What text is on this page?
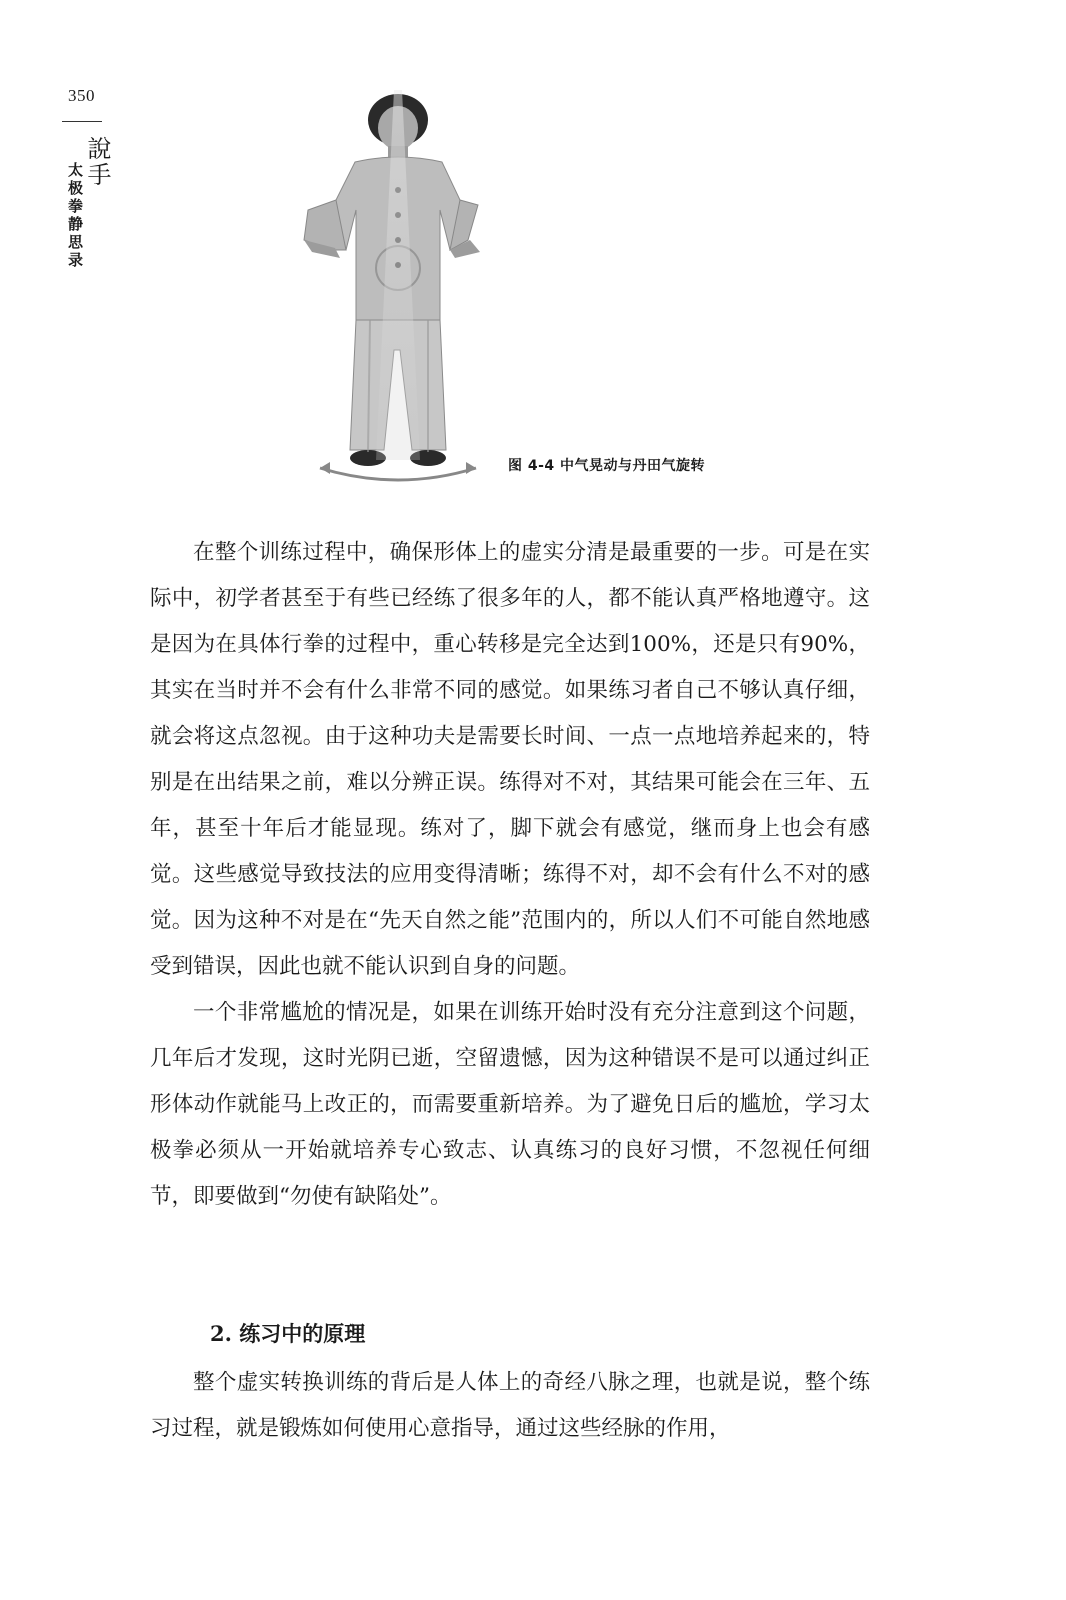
350
說手
太极拳静思录
图 4-4 中气晃动与丹田气旋转

在整个训练过程中，确保形体上的虚实分清是最重要的一步。可是在实际中，初学者甚至于有些已经练了很多年的人，都不能认真严格地遵守。这是因为在具体行拳的过程中，重心转移是完全达到100%，还是只有90%，其实在当时并不会有什么非常不同的感觉。如果练习者自己不够认真仔细，就会将这点忽视。由于这种功夫是需要长时间、一点一点地培养起来的，特别是在出结果之前，难以分辨正误。练得对不对，其结果可能会在三年、五年，甚至十年后才能显现。练对了，脚下就会有感觉，继而身上也会有感觉。这些感觉导致技法的应用变得清晰；练得不对，却不会有什么不对的感觉。因为这种不对是在“先天自然之能”范围内的，所以人们不可能自然地感受到错误，因此也就不能认识到自身的问题。

一个非常尴尬的情况是，如果在训练开始时没有充分注意到这个问题，几年后才发现，这时光阴已逝，空留遗憾，因为这种错误不是可以通过纠正形体动作就能马上改正的，而需要重新培养。为了避免日后的尴尬，学习太极拳必须从一开始就培养专心致志、认真练习的良好习惯，不忽视任何细节，即要做到“勿使有缺陷处”。

2. 练习中的原理

整个虚实转换训练的背后是人体上的奇经八脉之理，也就是说，整个练习过程，就是锻炼如何使用心意指导，通过这些经脉的作用，
